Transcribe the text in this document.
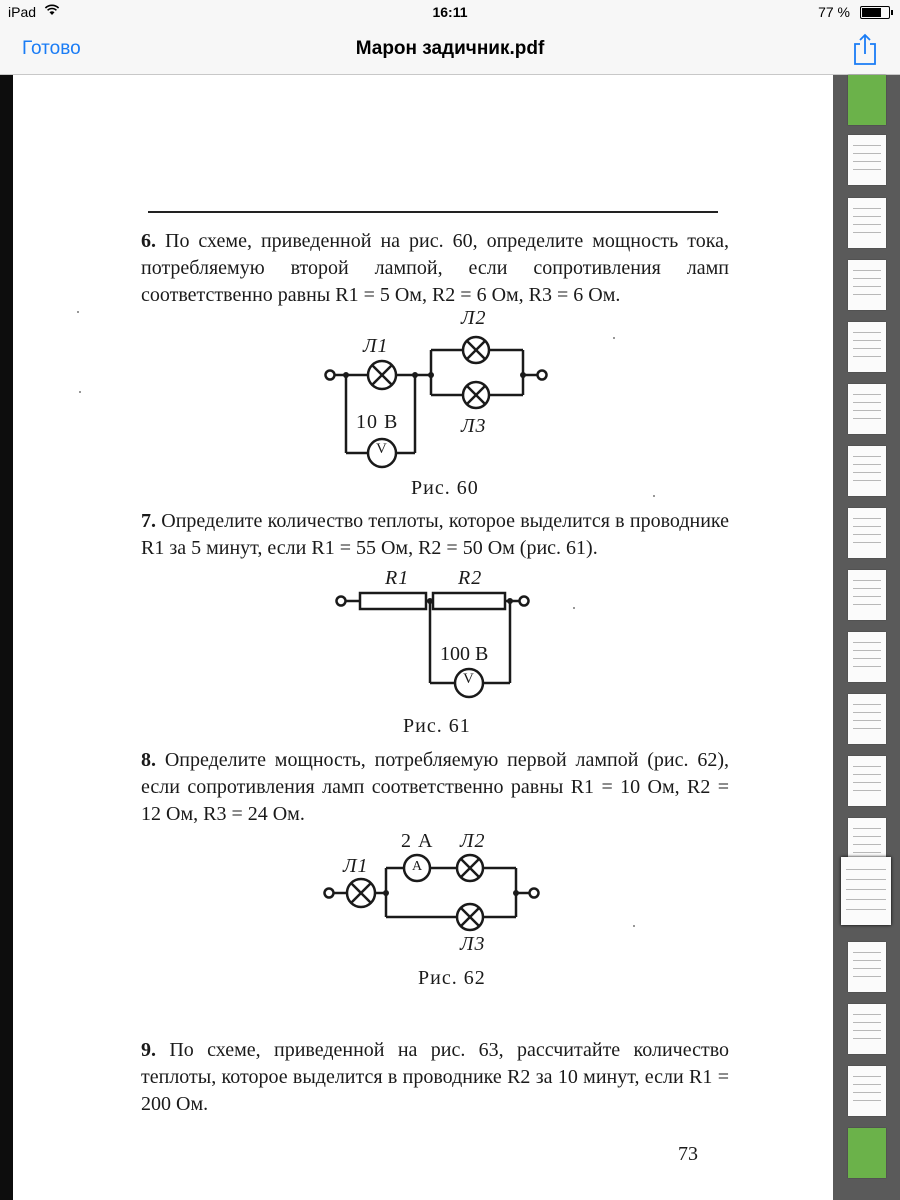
iPad	16:11	77 %
Готово	Марон задичник.pdf
6. По схеме, приведенной на рис. 60, определите мощность тока, потребляемую второй лампой, если сопротивления ламп соответственно равны R1 = 5 Ом, R2 = 6 Ом, R3 = 6 Ом.
Л1
Л2
Л3
10 В
V
Рис. 60
7. Определите количество теплоты, которое выделится в проводнике R1 за 5 минут, если R1 = 55 Ом, R2 = 50 Ом (рис. 61).
R1 R2
100 В
V
Рис. 61
8. Определите мощность, потребляемую первой лампой (рис. 62), если сопротивления ламп соответственно равны R1 = 10 Ом, R2 = 12 Ом, R3 = 24 Ом.
Л1
Л2
Л3
2 А
A
Рис. 62
9. По схеме, приведенной на рис. 63, рассчитайте количество теплоты, которое выделится в проводнике R2 за 10 минут, если R1 = 200 Ом.
73
